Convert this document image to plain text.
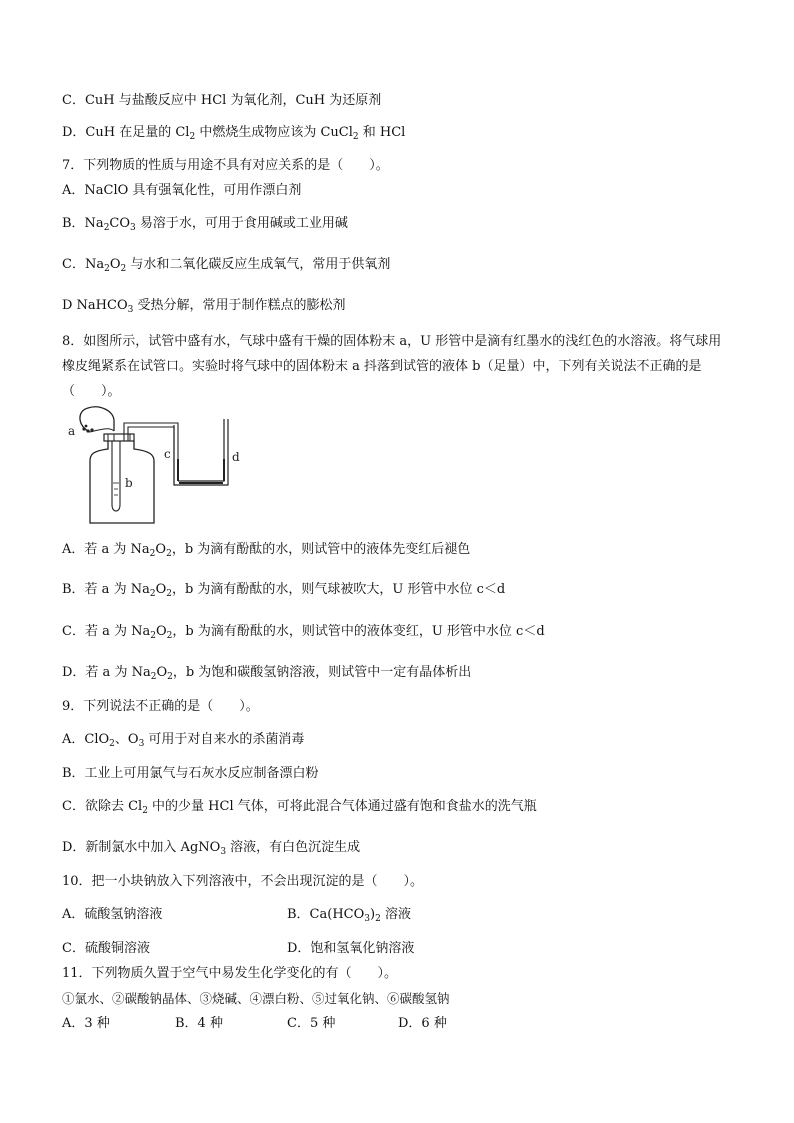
C．CuH 与盐酸反应中 HCl 为氧化剂，CuH 为还原剂
D．CuH 在足量的 $Cl_2$ 中燃烧生成物应该为 CuCl$_2$ 和 HCl
7．下列物质的性质与用途不具有对应关系的是（　　）。
A．NaClO 具有强氧化性，可用作漂白剂
B．$Na_2CO_3$ 易溶于水，可用于食用碱或工业用碱
C．$Na_2O_2$ 与水和二氧化碳反应生成氧气，常用于供氧剂
D NaHCO$_3$ 受热分解，常用于制作糕点的膨松剂
8．如图所示，试管中盛有水，气球中盛有干燥的固体粉末 a，U 形管中是滴有红墨水的浅红色的水溶液。将气球用橡皮绳紧系在试管口。实验时将气球中的固体粉末 a 抖落到试管的液体 b（足量）中，下列有关说法不正确的是（　　）。
a
b
c	d
A．若 a 为 $Na_2O_2$，b 为滴有酚酞的水，则试管中的液体先变红后褪色
B．若 a 为 $Na_2O_2$，b 为滴有酚酞的水，则气球被吹大，U 形管中水位 c＜d
C．若 a 为 $Na_2O_2$，b 为滴有酚酞的水，则试管中的液体变红，U 形管中水位 c＜d
D．若 a 为 $Na_2O_2$，b 为饱和碳酸氢钠溶液，则试管中一定有晶体析出
9．下列说法不正确的是（　　）。
A．ClO$_2$、$O_3$ 可用于对自来水的杀菌消毒
B．工业上可用氯气与石灰水反应制备漂白粉
C．欲除去 $Cl_2$ 中的少量 HCl 气体，可将此混合气体通过盛有饱和食盐水的洗气瓶
D．新制氯水中加入 AgNO$_3$ 溶液，有白色沉淀生成
10．把一小块钠放入下列溶液中，不会出现沉淀的是（　　）。
A．硫酸氢钠溶液	B．$Ca(HCO_3)_2$ 溶液
C．硫酸铜溶液	D．饱和氢氧化钠溶液
11．下列物质久置于空气中易发生化学变化的有（　　）。
①氯水、②碳酸钠晶体、③烧碱、④漂白粉、⑤过氧化钠、⑥碳酸氢钠
A．3 种	B．4 种	C．5 种	D．6 种
